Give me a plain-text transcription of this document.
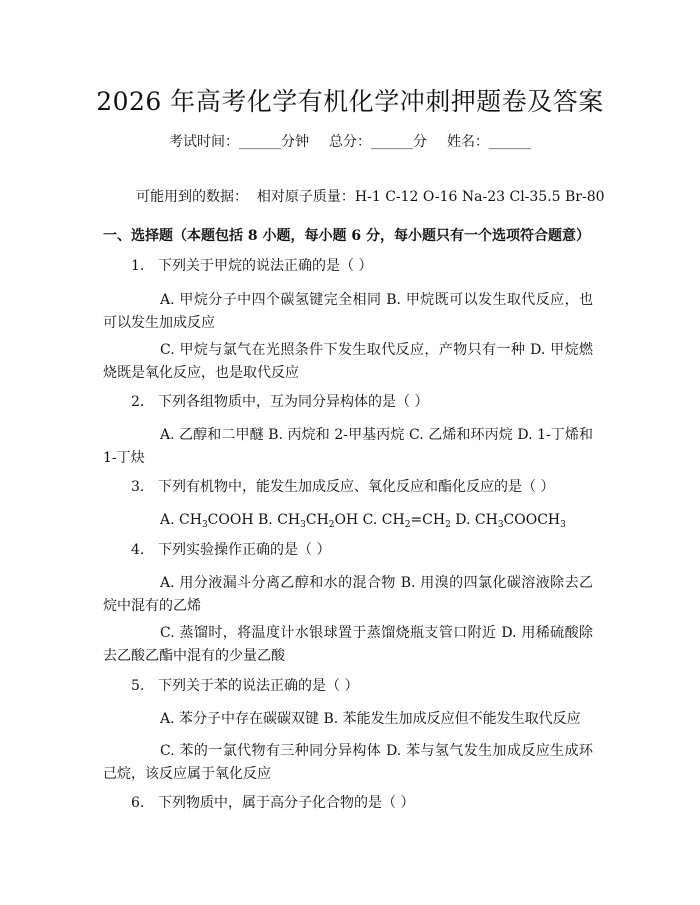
2026 年高考化学有机化学冲刺押题卷及答案
考试时间：______分钟 总分：______分 姓名：______
可能用到的数据：  相对原子质量：H-1 C-12 O-16 Na-23 Cl-35.5 Br-80
一、选择题（本题包括 8 小题，每小题 6 分，每小题只有一个选项符合题意）
1. 下列关于甲烷的说法正确的是（ ）
A. 甲烷分子中四个碳氢键完全相同 B. 甲烷既可以发生取代反应，也可以发生加成反应
C. 甲烷与氯气在光照条件下发生取代反应，产物只有一种 D. 甲烷燃烧既是氧化反应，也是取代反应
2. 下列各组物质中，互为同分异构体的是（ ）
A. 乙醇和二甲醚 B. 丙烷和 2-甲基丙烷 C. 乙烯和环丙烷 D. 1-丁烯和1-丁炔
3. 下列有机物中，能发生加成反应、氧化反应和酯化反应的是（ ）
A. $CH_3COOH$ B. $CH_3CH_2OH$ C. $CH_2=CH_2$ D. $CH_3COOCH_3$
4. 下列实验操作正确的是（ ）
A. 用分液漏斗分离乙醇和水的混合物 B. 用溴的四氯化碳溶液除去乙烷中混有的乙烯
C. 蒸馏时，将温度计水银球置于蒸馏烧瓶支管口附近 D. 用稀硫酸除去乙酸乙酯中混有的少量乙酸
5. 下列关于苯的说法正确的是（ ）
A. 苯分子中存在碳碳双键 B. 苯能发生加成反应但不能发生取代反应
C. 苯的一氯代物有三种同分异构体 D. 苯与氢气发生加成反应生成环己烷，该反应属于氧化反应
6. 下列物质中，属于高分子化合物的是（ ）
